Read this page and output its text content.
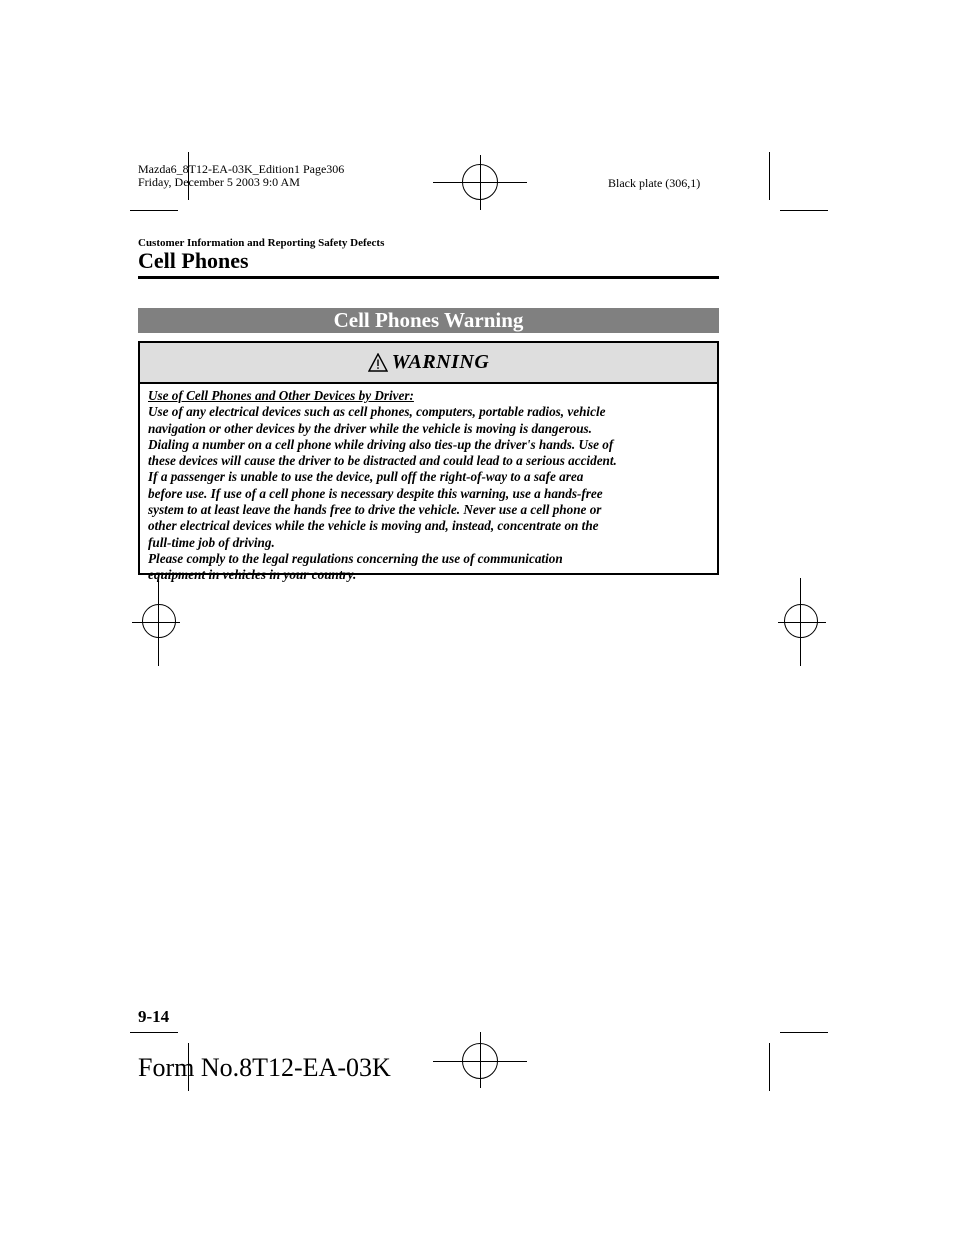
Mazda6_8T12-EA-03K_Edition1 Page306
Friday, December 5 2003 9:0 AM	Black plate (306,1)
Customer Information and Reporting Safety Defects
Cell Phones
Cell Phones Warning
WARNING
Use of Cell Phones and Other Devices by Driver:
Use of any electrical devices such as cell phones, computers, portable radios, vehicle
navigation or other devices by the driver while the vehicle is moving is dangerous.
Dialing a number on a cell phone while driving also ties-up the driver's hands. Use of
these devices will cause the driver to be distracted and could lead to a serious accident.
If a passenger is unable to use the device, pull off the right-of-way to a safe area
before use. If use of a cell phone is necessary despite this warning, use a hands-free
system to at least leave the hands free to drive the vehicle. Never use a cell phone or
other electrical devices while the vehicle is moving and, instead, concentrate on the
full-time job of driving.
Please comply to the legal regulations concerning the use of communication
equipment in vehicles in your country.
9-14
Form No.8T12-EA-03K
